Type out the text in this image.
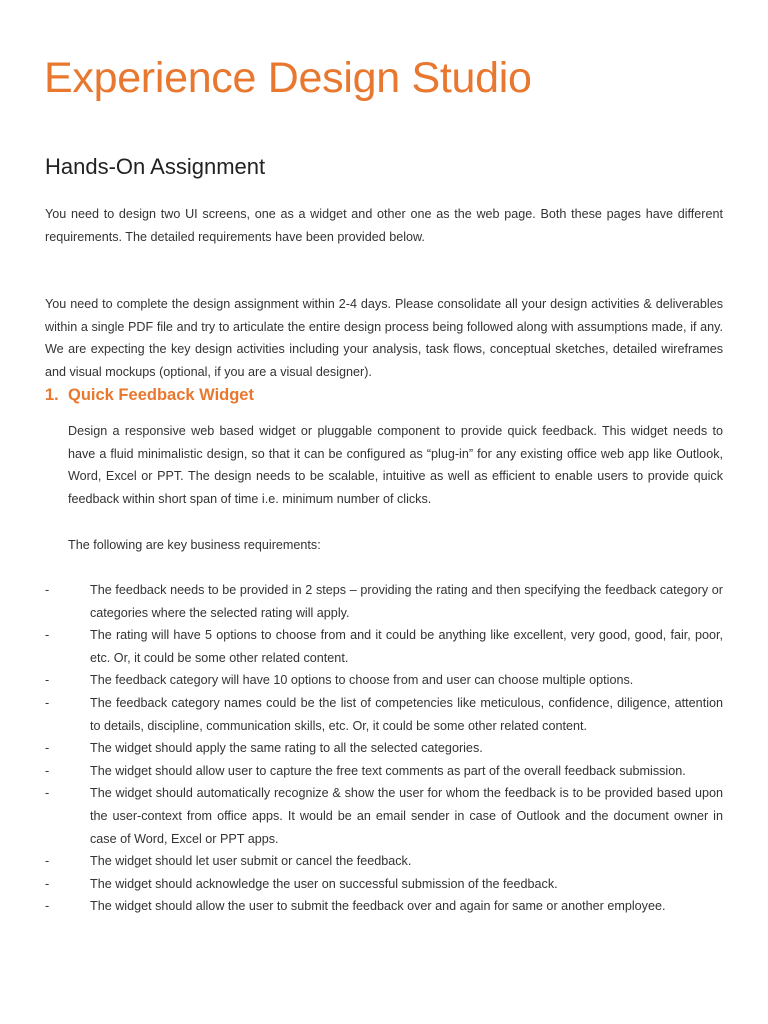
Experience Design Studio
Hands-On Assignment

You need to design two UI screens, one as a widget and other one as the web page. Both these pages have different requirements. The detailed requirements have been provided below.

You need to complete the design assignment within 2-4 days. Please consolidate all your design activities & deliverables within a single PDF file and try to articulate the entire design process being followed along with assumptions made, if any. We are expecting the key design activities including your analysis, task flows, conceptual sketches, detailed wireframes and visual mockups (optional, if you are a visual designer).

1. Quick Feedback Widget

Design a responsive web based widget or pluggable component to provide quick feedback. This widget needs to have a fluid minimalistic design, so that it can be configured as “plug-in” for any existing office web app like Outlook, Word, Excel or PPT. The design needs to be scalable, intuitive as well as efficient to enable users to provide quick feedback within short span of time i.e. minimum number of clicks.

The following are key business requirements:

-	The feedback needs to be provided in 2 steps – providing the rating and then specifying the feedback category or categories where the selected rating will apply.
-	The rating will have 5 options to choose from and it could be anything like excellent, very good, good, fair, poor, etc. Or, it could be some other related content.
-	The feedback category will have 10 options to choose from and user can choose multiple options.
-	The feedback category names could be the list of competencies like meticulous, confidence, diligence, attention to details, discipline, communication skills, etc. Or, it could be some other related content.
-	The widget should apply the same rating to all the selected categories.
-	The widget should allow user to capture the free text comments as part of the overall feedback submission.
-	The widget should automatically recognize & show the user for whom the feedback is to be provided based upon the user-context from office apps. It would be an email sender in case of Outlook and the document owner in case of Word, Excel or PPT apps.
-	The widget should let user submit or cancel the feedback.
-	The widget should acknowledge the user on successful submission of the feedback.
-	The widget should allow the user to submit the feedback over and again for same or another employee.
